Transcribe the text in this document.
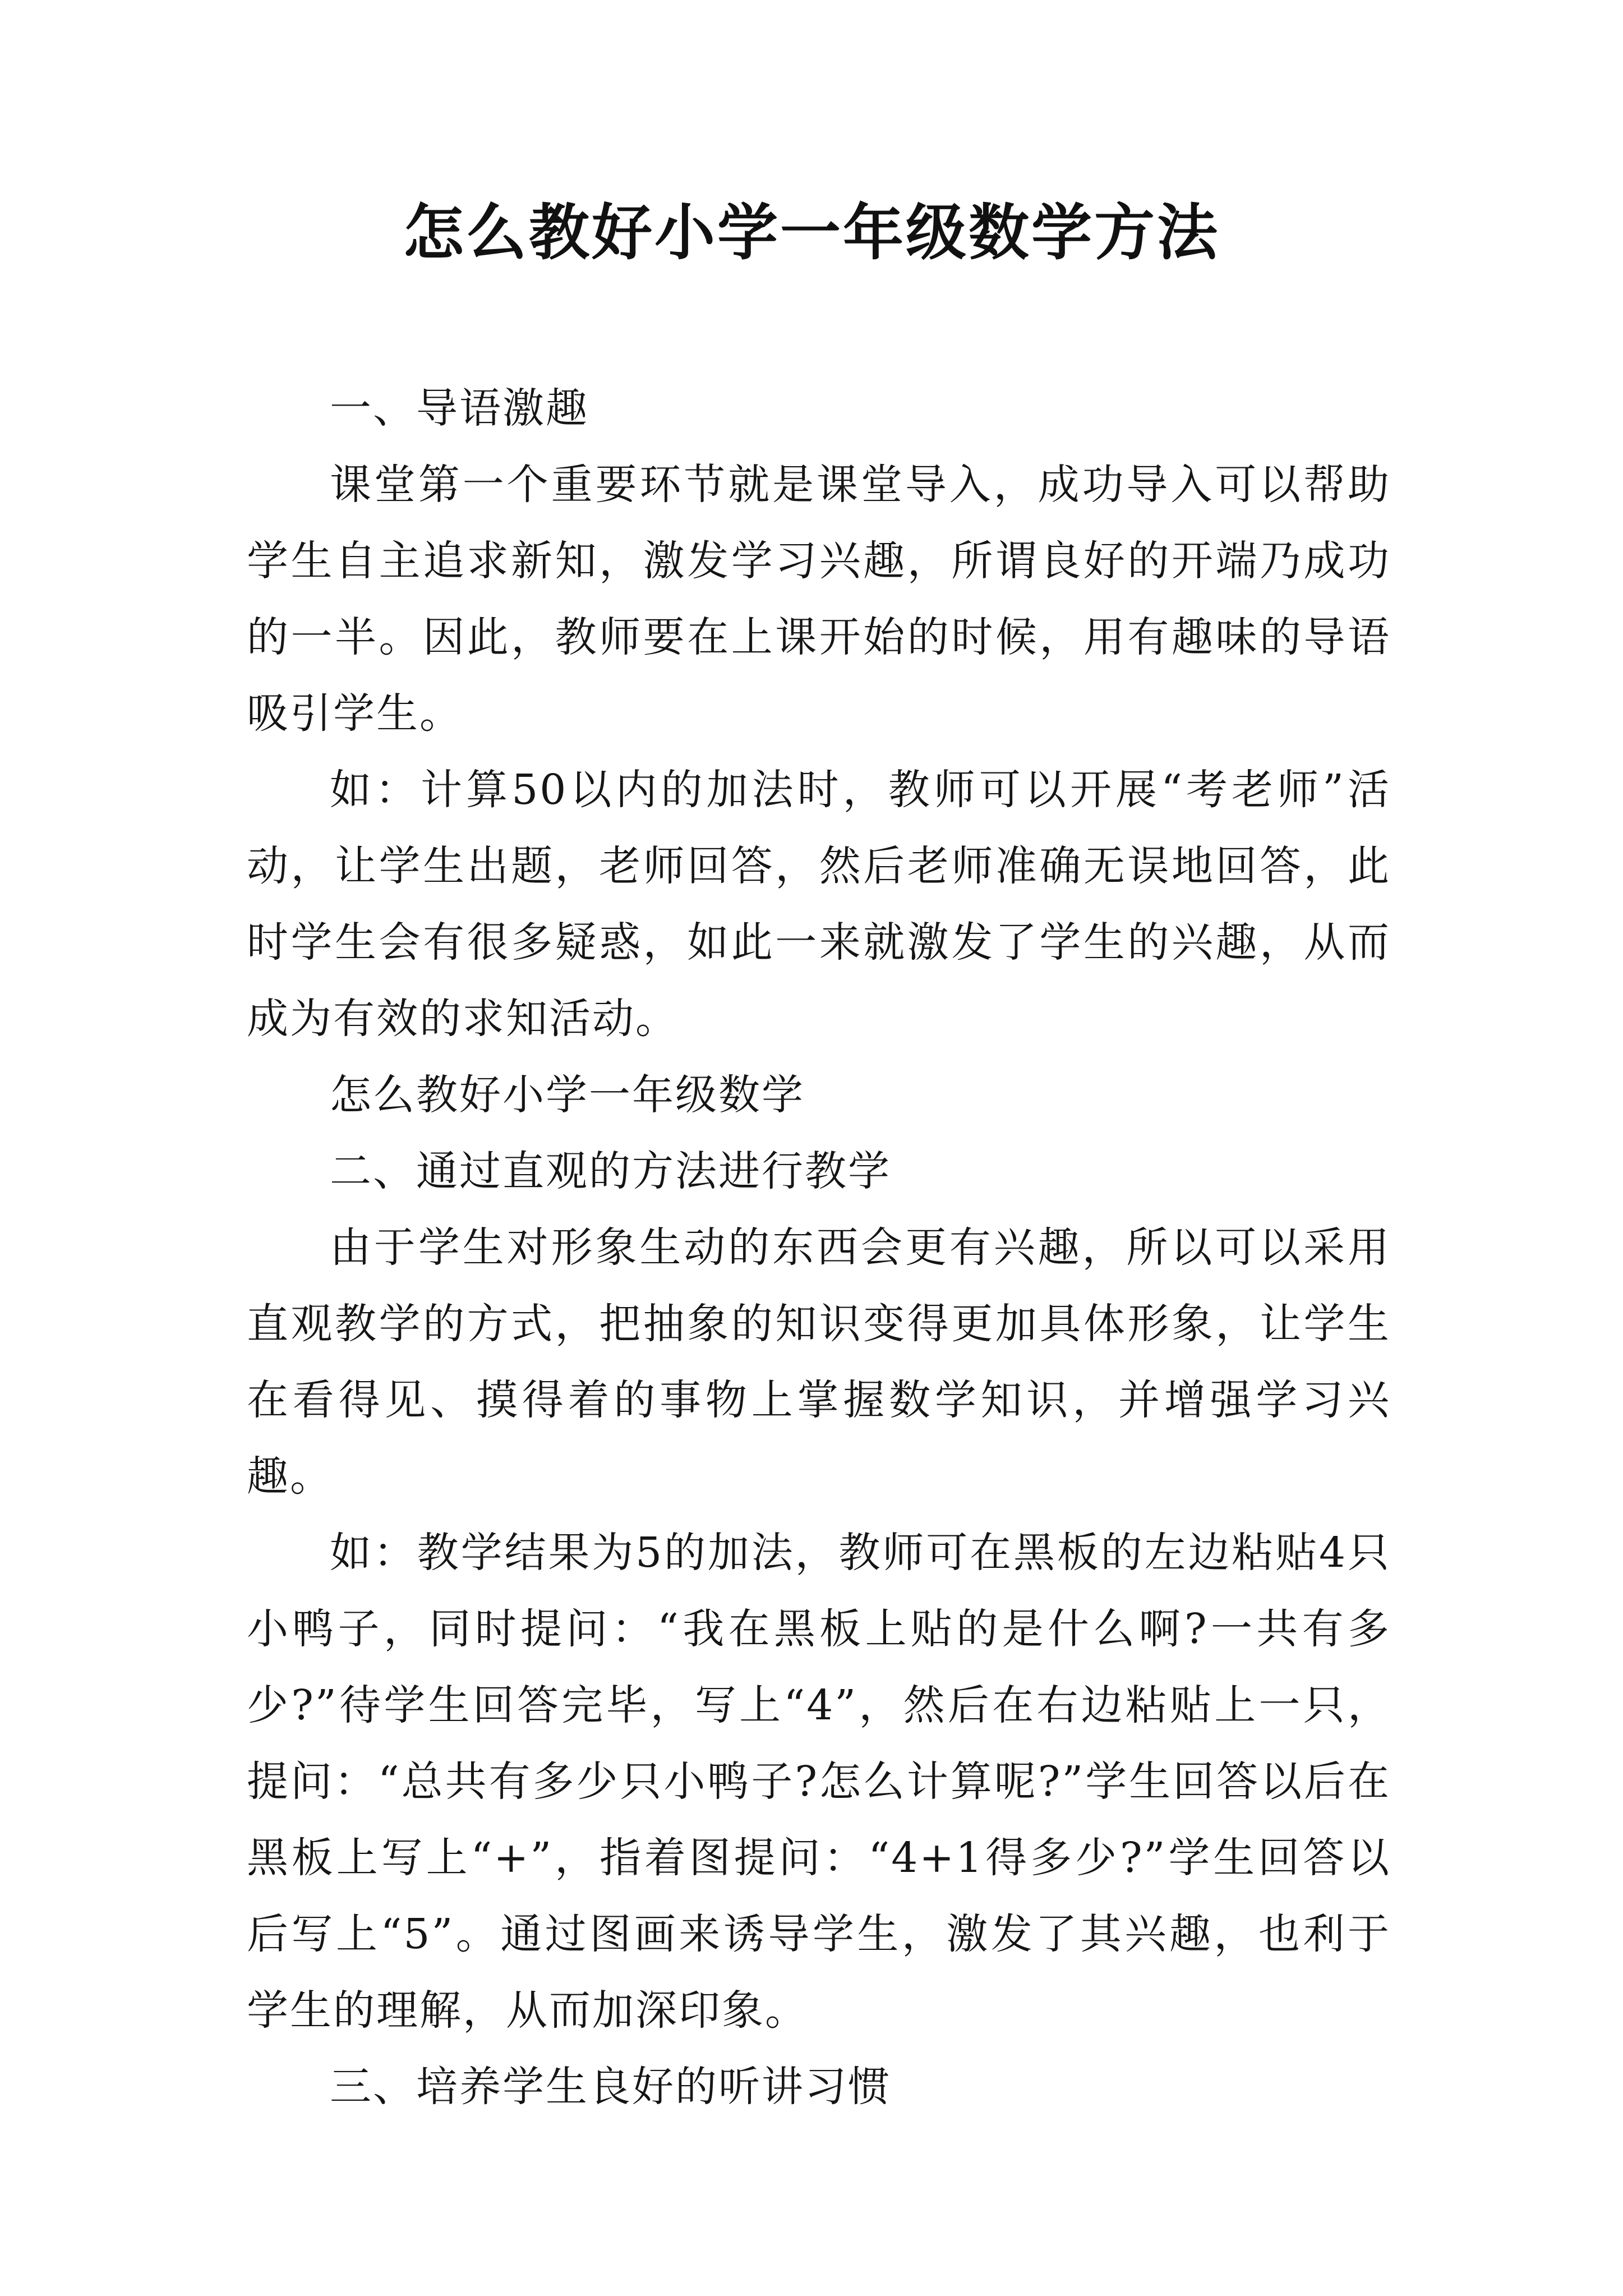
怎么教好小学一年级数学方法

一、导语激趣

课堂第一个重要环节就是课堂导入，成功导入可以帮助学生自主追求新知，激发学习兴趣，所谓良好的开端乃成功的一半。因此，教师要在上课开始的时候，用有趣味的导语吸引学生。

如：计算50以内的加法时，教师可以开展“考老师”活动，让学生出题，老师回答，然后老师准确无误地回答，此时学生会有很多疑惑，如此一来就激发了学生的兴趣，从而成为有效的求知活动。

怎么教好小学一年级数学

二、通过直观的方法进行教学

由于学生对形象生动的东西会更有兴趣，所以可以采用直观教学的方式，把抽象的知识变得更加具体形象，让学生在看得见、摸得着的事物上掌握数学知识，并增强学习兴趣。

如：教学结果为5的加法，教师可在黑板的左边粘贴4只小鸭子，同时提问：“我在黑板上贴的是什么啊?一共有多少?”待学生回答完毕，写上“4”，然后在右边粘贴上一只，提问：“总共有多少只小鸭子?怎么计算呢?”学生回答以后在黑板上写上“+”，指着图提问：“4+1得多少?”学生回答以后写上“5”。通过图画来诱导学生，激发了其兴趣，也利于学生的理解，从而加深印象。

三、培养学生良好的听讲习惯
